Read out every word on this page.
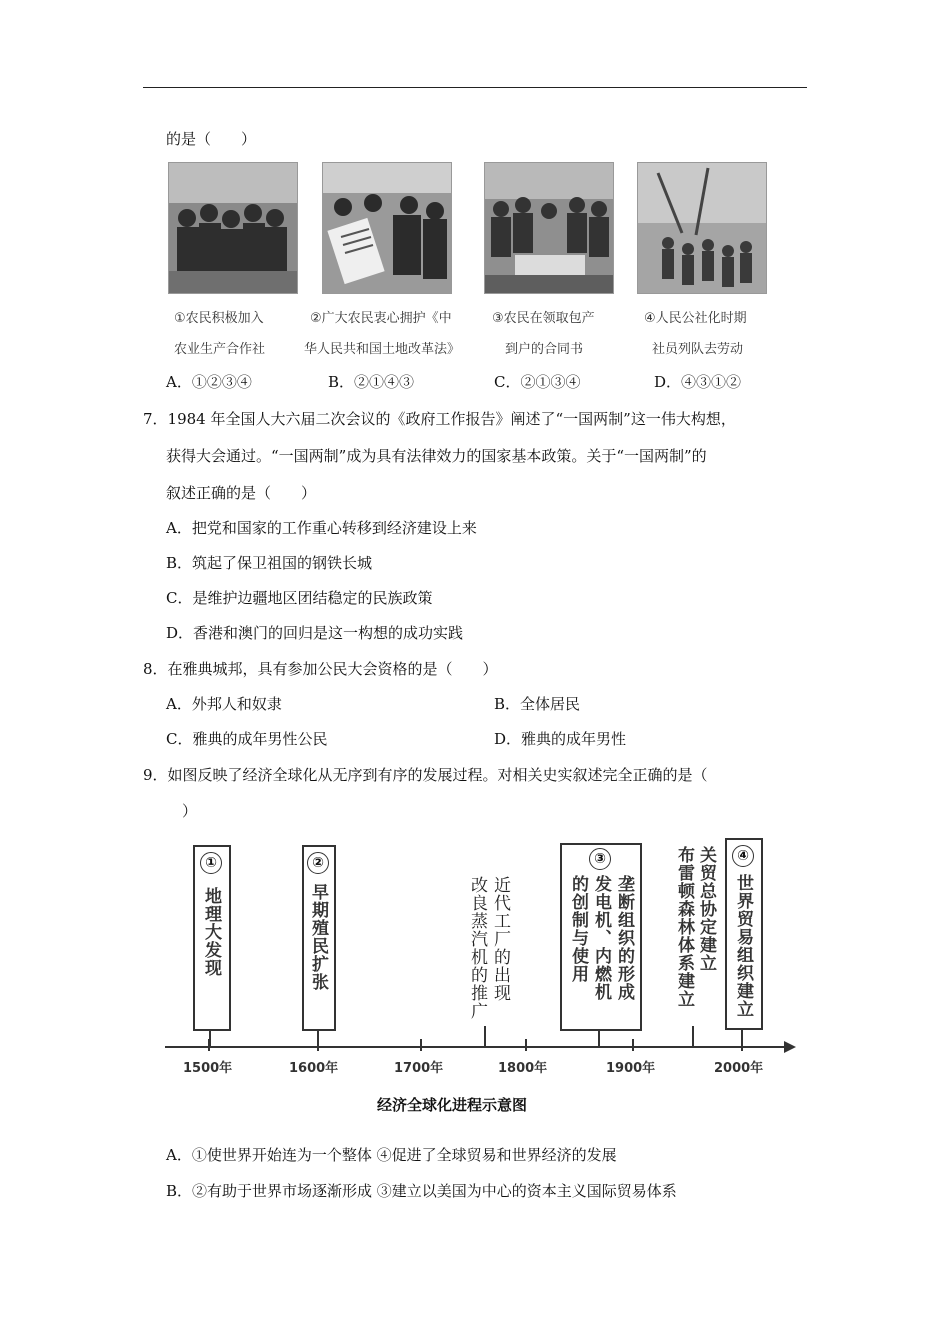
的是（　　）
①农民积极加入
农业生产合作社
②广大农民衷心拥护《中
华人民共和国土地改革法》
③农民在领取包产
到户的合同书
④人民公社化时期
社员列队去劳动
A．①②③④	B．②①④③	C．②①③④	D．④③①②
7．1984 年全国人大六届二次会议的《政府工作报告》阐述了“一国两制”这一伟大构想，
获得大会通过。“一国两制”成为具有法律效力的国家基本政策。关于“一国两制”的
叙述正确的是（　　）
A．把党和国家的工作重心转移到经济建设上来
B．筑起了保卫祖国的钢铁长城
C．是维护边疆地区团结稳定的民族政策
D．香港和澳门的回归是这一构想的成功实践
8．在雅典城邦，具有参加公民大会资格的是（　　）
A．外邦人和奴隶	B．全体居民
C．雅典的成年男性公民	D．雅典的成年男性
9．如图反映了经济全球化从无序到有序的发展过程。对相关史实叙述完全正确的是（
）
1500年	1600年	1700年	1800年	1900年	2000年
①
地理大发现
②
早期殖民扩张	近代工厂的出现
改良蒸汽机的推广
③
垄断组织的形成
发电机、内燃机
的创制与使用	关贸总协定建立
布雷顿森林体系建立	④
世界贸易组织建立
经济全球化进程示意图
A．①使世界开始连为一个整体 ④促进了全球贸易和世界经济的发展
B．②有助于世界市场逐渐形成 ③建立以美国为中心的资本主义国际贸易体系
